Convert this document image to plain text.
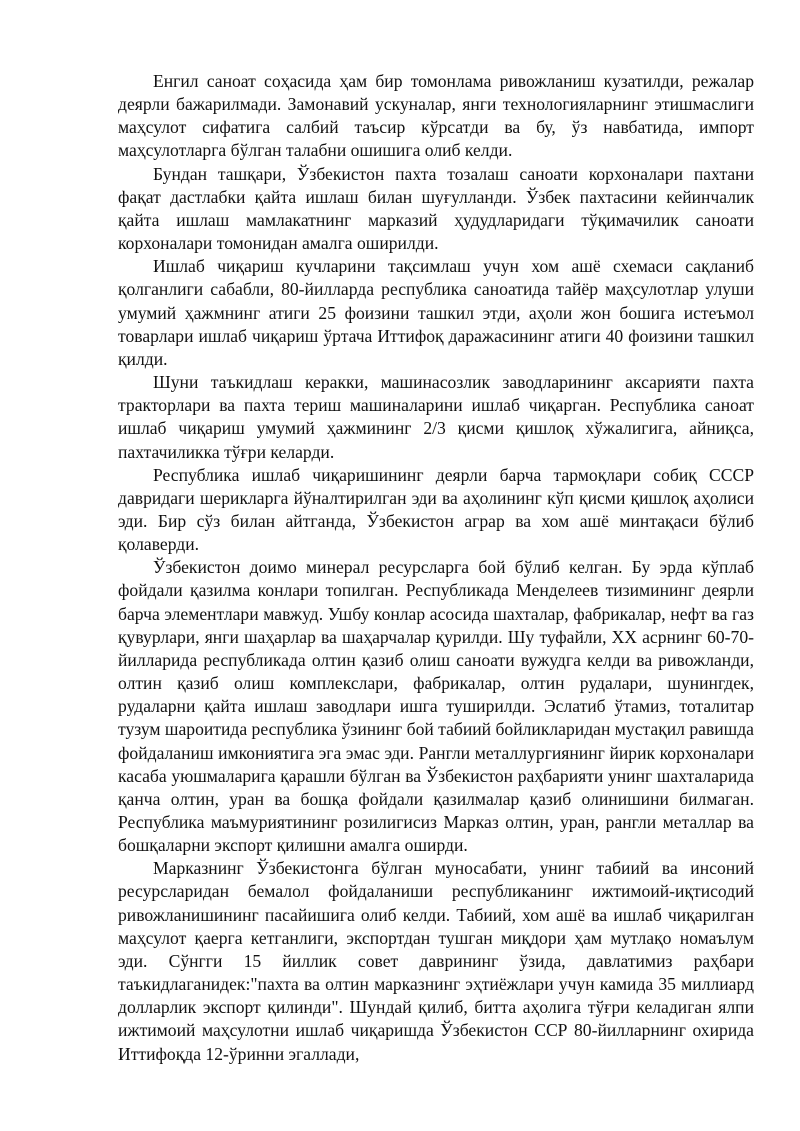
Енгил саноат соҳасида ҳам бир томонлама ривожланиш кузатилди, режалар деярли бажарилмади. Замонавий ускуналар, янги технологияларнинг этишмаслиги маҳсулот сифатига салбий таъсир кўрсатди ва бу, ўз навбатида, импорт маҳсулотларга бўлган талабни ошишига олиб келди.

Бундан ташқари, Ўзбекистон пахта тозалаш саноати корхоналари пахтани фақат дастлабки қайта ишлаш билан шуғулланди. Ўзбек пахтасини кейинчалик қайта ишлаш мамлакатнинг марказий ҳудудларидаги тўқимачилик саноати корхоналари томонидан амалга оширилди.

Ишлаб чиқариш кучларини тақсимлаш учун хом ашё схемаси сақланиб қолганлиги сабабли, 80-йилларда республика саноатида тайёр маҳсулотлар улуши умумий ҳажмнинг атиги 25 фоизини ташкил этди, аҳоли жон бошига истеъмол товарлари ишлаб чиқариш ўртача Иттифоқ даражасининг атиги 40 фоизини ташкил қилди.

Шуни таъкидлаш керакки, машинасозлик заводларининг аксарияти пахта тракторлари ва пахта териш машиналарини ишлаб чиқарган. Республика саноат ишлаб чиқариш умумий ҳажмининг 2/3 қисми қишлоқ хўжалигига, айниқса, пахтачиликка тўғри келарди.

Республика ишлаб чиқаришининг деярли барча тармоқлари собиқ СССР давридаги шерикларга йўналтирилган эди ва аҳолининг кўп қисми қишлоқ аҳолиси эди. Бир сўз билан айтганда, Ўзбекистон аграр ва хом ашё минтақаси бўлиб қолаверди.

Ўзбекистон доимо минерал ресурсларга бой бўлиб келган. Бу эрда кўплаб фойдали қазилма конлари топилган. Республикада Менделеев тизимининг деярли барча элементлари мавжуд. Ушбу конлар асосида шахталар, фабрикалар, нефт ва газ қувурлари, янги шаҳарлар ва шаҳарчалар қурилди. Шу туфайли, XX асрнинг 60-70-йилларида республикада олтин қазиб олиш саноати вужудга келди ва ривожланди, олтин қазиб олиш комплекслари, фабрикалар, олтин рудалари, шунингдек, рудаларни қайта ишлаш заводлари ишга туширилди. Эслатиб ўтамиз, тоталитар тузум шароитида республика ўзининг бой табиий бойликларидан мустақил равишда фойдаланиш имкониятига эга эмас эди. Рангли металлургиянинг йирик корхоналари касаба уюшмаларига қарашли бўлган ва Ўзбекистон раҳбарияти унинг шахталарида қанча олтин, уран ва бошқа фойдали қазилмалар қазиб олинишини билмаган. Республика маъмуриятининг розилигисиз Марказ олтин, уран, рангли металлар ва бошқаларни экспорт қилишни амалга оширди.

Марказнинг Ўзбекистонга бўлган муносабати, унинг табиий ва инсоний ресурсларидан бемалол фойдаланиши республиканинг ижтимоий-иқтисодий ривожланишининг пасайишига олиб келди. Табиий, хом ашё ва ишлаб чиқарилган маҳсулот қаерга кетганлиги, экспортдан тушган миқдори ҳам мутлақо номаълум эди. Сўнгги 15 йиллик совет даврининг ўзида, давлатимиз раҳбари таъкидлаганидек:"пахта ва олтин марказнинг эҳтиёжлари учун камида 35 миллиард долларлик экспорт қилинди". Шундай қилиб, битта аҳолига тўғри келадиган ялпи ижтимоий маҳсулотни ишлаб чиқаришда Ўзбекистон ССР 80-йилларнинг охирида Иттифоқда 12-ўринни эгаллади,
